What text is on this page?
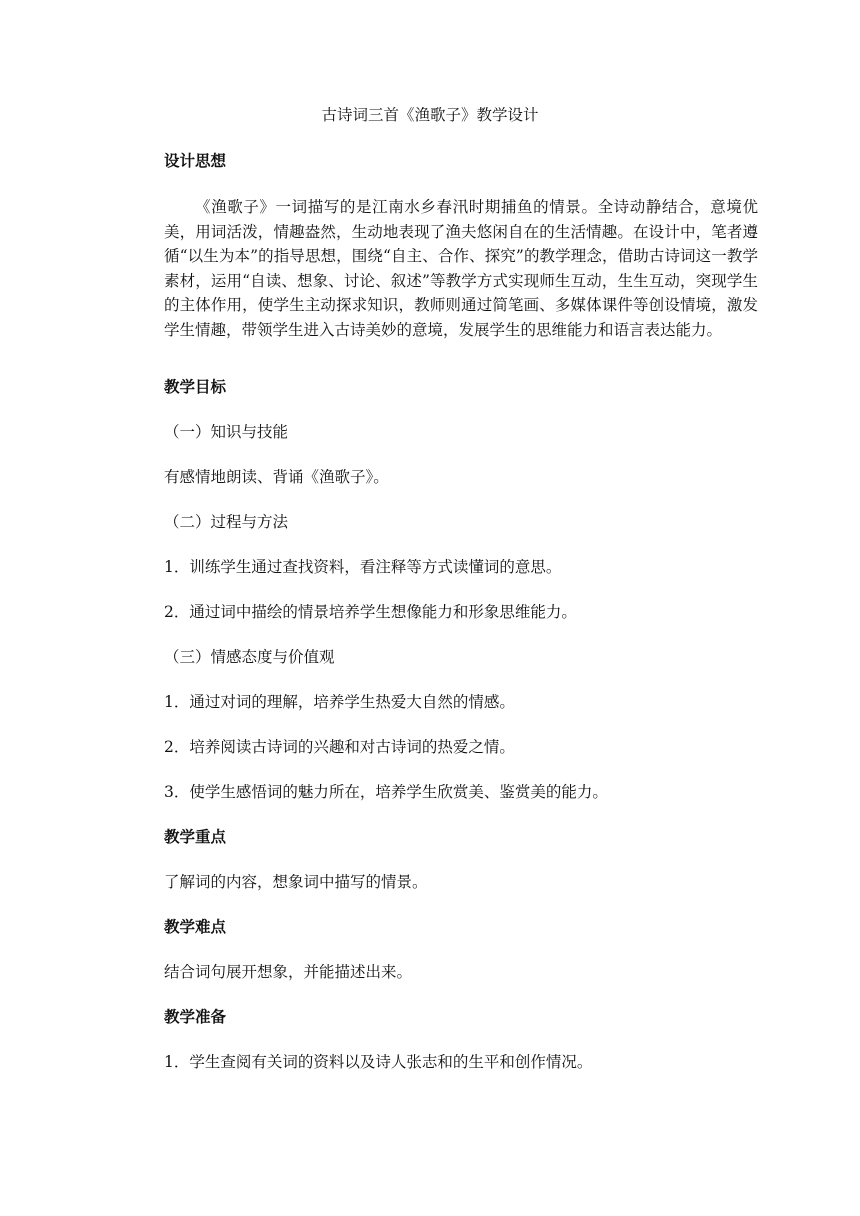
古诗词三首《渔歌子》教学设计

设计思想

《渔歌子》一词描写的是江南水乡春汛时期捕鱼的情景。全诗动静结合，意境优美，用词活泼，情趣盎然，生动地表现了渔夫悠闲自在的生活情趣。在设计中，笔者遵循“以生为本”的指导思想，围绕“自主、合作、探究”的教学理念，借助古诗词这一教学素材，运用“自读、想象、讨论、叙述”等教学方式实现师生互动，生生互动，突现学生的主体作用，使学生主动探求知识，教师则通过简笔画、多媒体课件等创设情境，激发学生情趣，带领学生进入古诗美妙的意境，发展学生的思维能力和语言表达能力。

教学目标

（一）知识与技能

有感情地朗读、背诵《渔歌子》。

（二）过程与方法

1．训练学生通过查找资料，看注释等方式读懂词的意思。

2．通过词中描绘的情景培养学生想像能力和形象思维能力。

（三）情感态度与价值观

1．通过对词的理解，培养学生热爱大自然的情感。

2．培养阅读古诗词的兴趣和对古诗词的热爱之情。

3．使学生感悟词的魅力所在，培养学生欣赏美、鉴赏美的能力。

教学重点

了解词的内容，想象词中描写的情景。

教学难点

结合词句展开想象，并能描述出来。

教学准备

1．学生查阅有关词的资料以及诗人张志和的生平和创作情况。
